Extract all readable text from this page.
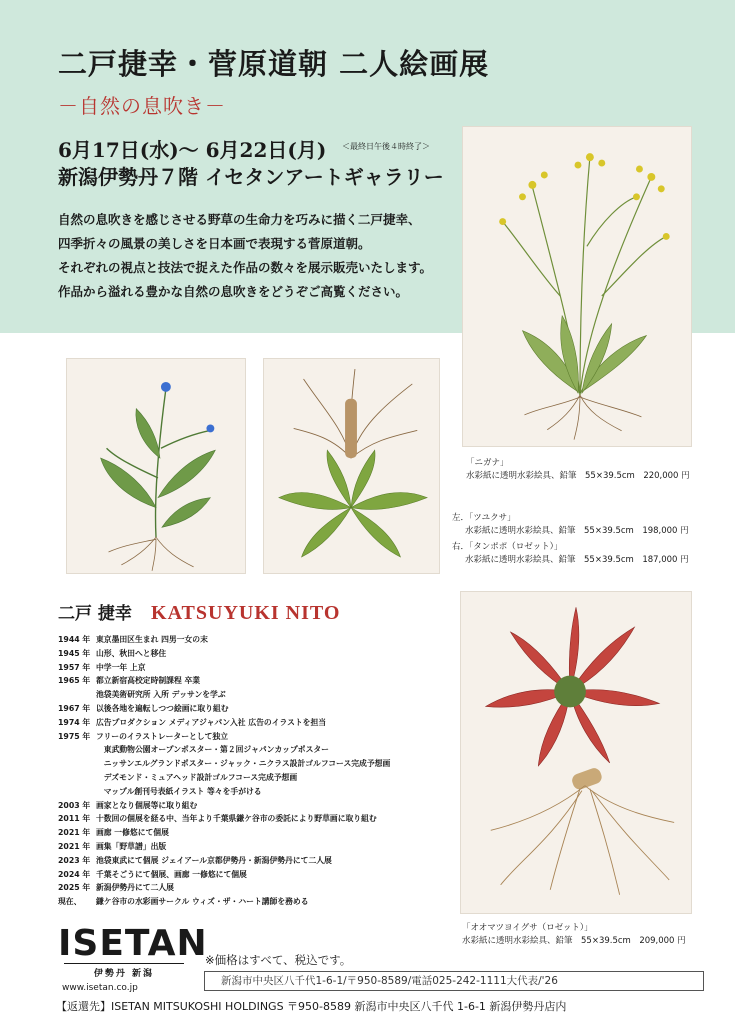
二戸捷幸・菅原道朝 二人絵画展
－自然の息吹き－
6月17日(水)～ 6月22日(月) ＜最終日午後４時終了＞
新潟伊勢丹７階 イセタンアートギャラリー

自然の息吹きを感じさせる野草の生命力を巧みに描く二戸捷幸、

四季折々の風景の美しさを日本画で表現する菅原道朝。

それぞれの視点と技法で捉えた作品の数々を展示販売いたします。

作品から溢れる豊かな自然の息吹きをどうぞご高覧ください。

「ニガナ」
水彩紙に透明水彩絵具、鉛筆　55×39.5cm　220,000 円
左．「ツユクサ」
水彩紙に透明水彩絵具、鉛筆　55×39.5cm　198,000 円
右．「タンポポ（ロゼット）」
水彩紙に透明水彩絵具、鉛筆　55×39.5cm　187,000 円
「オオマツヨイグサ（ロゼット）」
水彩紙に透明水彩絵具、鉛筆　55×39.5cm　209,000 円
二戸 捷幸 KATSUYUKI NITO
1944 年 東京墨田区生まれ 四男一女の末
1945 年 山形、秋田へと移住
1957 年 中学一年 上京
1965 年 都立新宿高校定時制課程 卒業
池袋美術研究所 入所 デッサンを学ぶ
1967 年 以後各地を遍転しつつ絵画に取り組む
1974 年 広告プロダクション メディアジャパン入社 広告のイラストを担当
1975 年 フリーのイラストレーターとして独立
　東武動物公園オープンポスター・第２回ジャパンカップポスター
　ニッサンエルグランドポスター・ジャック・ニクラス設計ゴルフコース完成予想画
　デズモンド・ミュアヘッド設計ゴルフコース完成予想画
　マップル創刊号表紙イラスト 等々を手がける
2003 年 画家となり個展等に取り組む
2011 年 十数回の個展を経る中、当年より千葉県鎌ケ谷市の委託により野草画に取り組む
2021 年 画廊 一修悠にて個展
2021 年 画集「野草譜」出版
2023 年 池袋東武にて個展 ジェイアール京都伊勢丹・新潟伊勢丹にて二人展
2024 年 千葉そごうにて個展、画廊 一修悠にて個展
2025 年 新潟伊勢丹にて二人展
現在、	鎌ケ谷市の水彩画サークル ウィズ・ザ・ハート講師を務める
ISETAN
伊勢丹 新潟
www.isetan.co.jp
※価格はすべて、税込です。
新潟市中央区八千代1-6-1/〒950-8589/電話025-242-1111大代表/'26
【返還先】ISETAN MITSUKOSHI HOLDINGS 〒950-8589 新潟市中央区八千代 1-6-1 新潟伊勢丹店内
